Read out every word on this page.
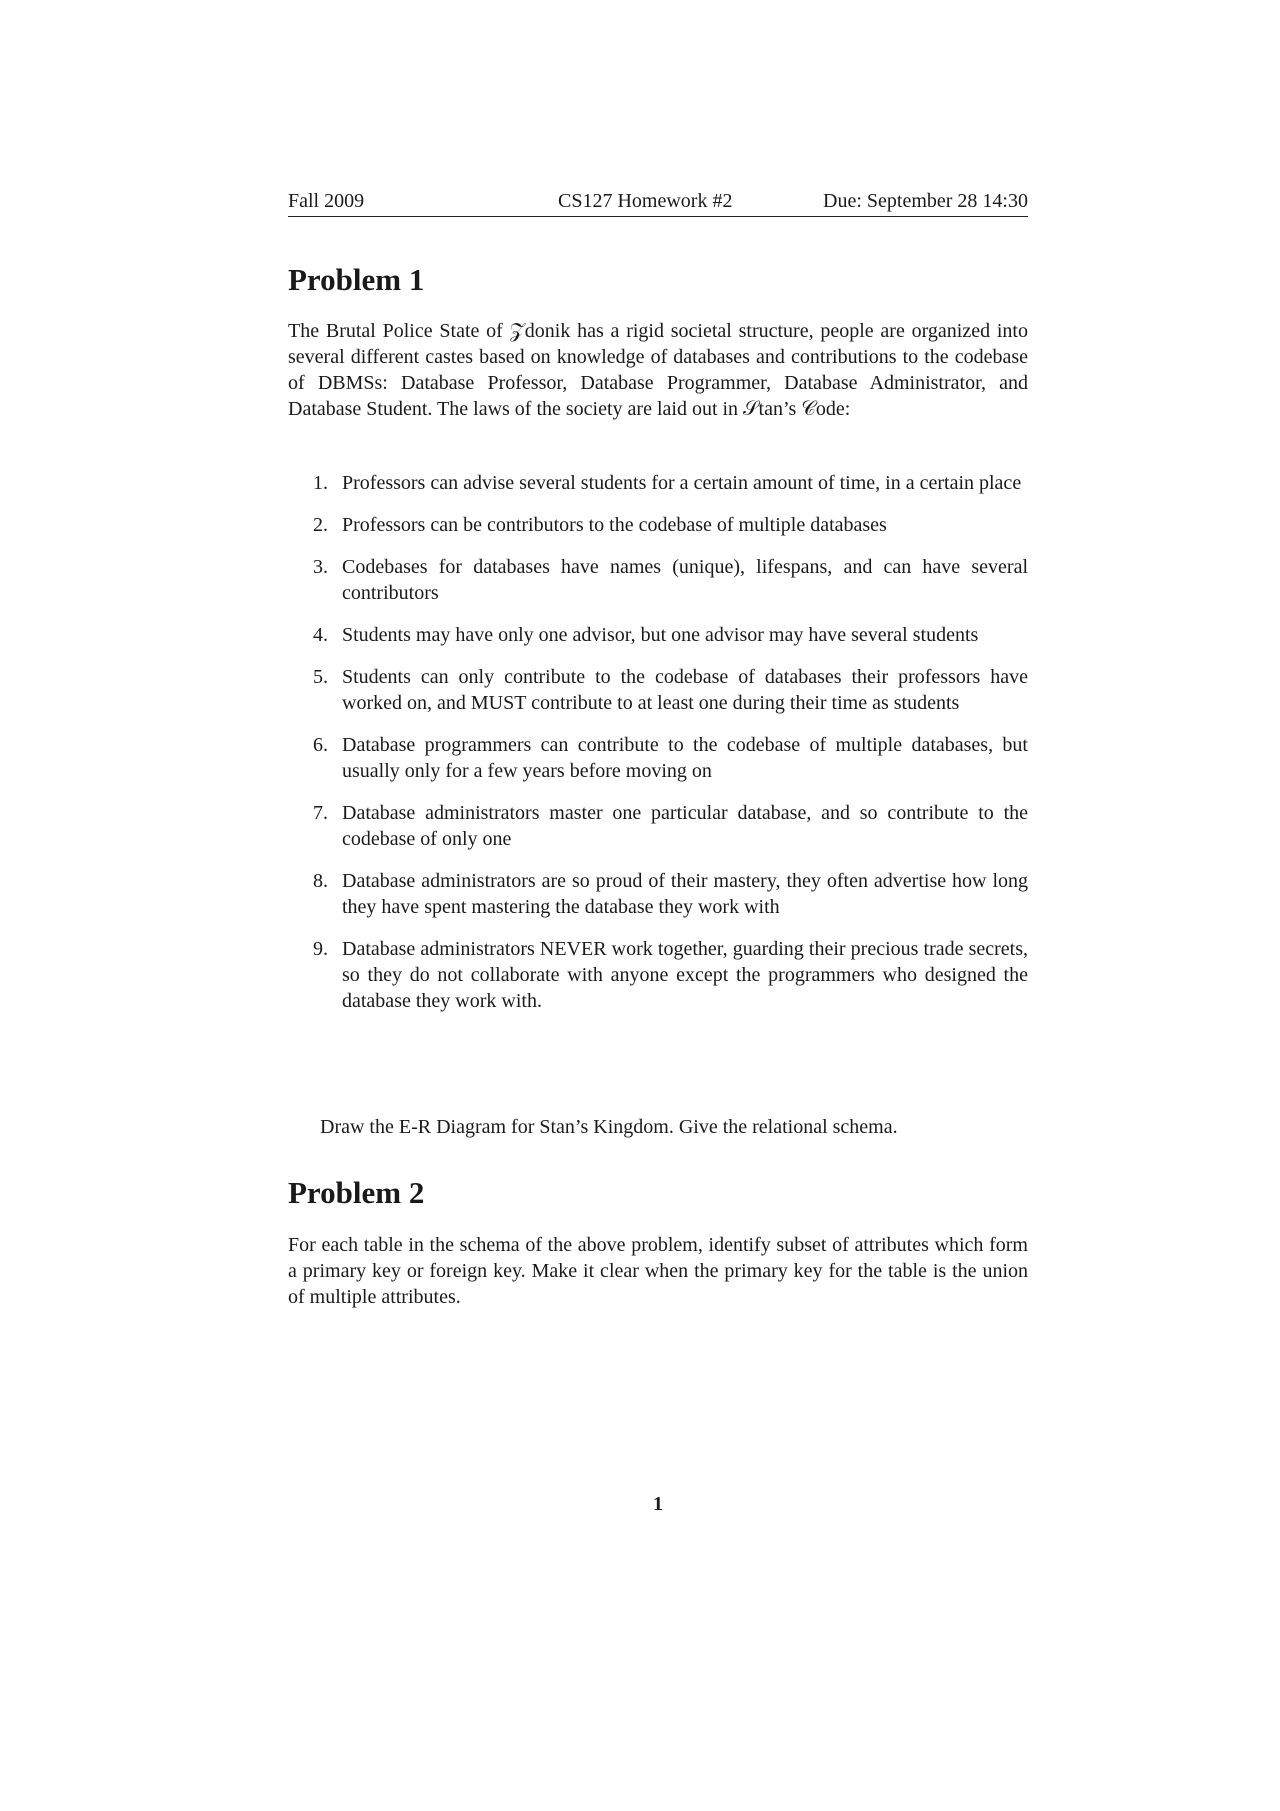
Fall 2009	CS127 Homework #2	Due: September 28 14:30
Problem 1

The Brutal Police State of 𝒵donik has a rigid societal structure, people are organized into several different castes based on knowledge of databases and contributions to the codebase of DBMSs: Database Professor, Database Programmer, Database Administrator, and Database Student. The laws of the society are laid out in 𝒮tan’s 𝒞ode:

1. Professors can advise several students for a certain amount of time, in a certain place
2. Professors can be contributors to the codebase of multiple databases
3. Codebases for databases have names (unique), lifespans, and can have several contributors
4. Students may have only one advisor, but one advisor may have several students
5. Students can only contribute to the codebase of databases their professors have worked on, and MUST contribute to at least one during their time as students
6. Database programmers can contribute to the codebase of multiple databases, but usually only for a few years before moving on
7. Database administrators master one particular database, and so contribute to the codebase of only one
8. Database administrators are so proud of their mastery, they often advertise how long they have spent mastering the database they work with
9. Database administrators NEVER work together, guarding their precious trade secrets, so they do not collaborate with anyone except the programmers who designed the database they work with.

Draw the E-R Diagram for Stan’s Kingdom. Give the relational schema.

Problem 2

For each table in the schema of the above problem, identify subset of attributes which form a primary key or foreign key. Make it clear when the primary key for the table is the union of multiple attributes.

1
